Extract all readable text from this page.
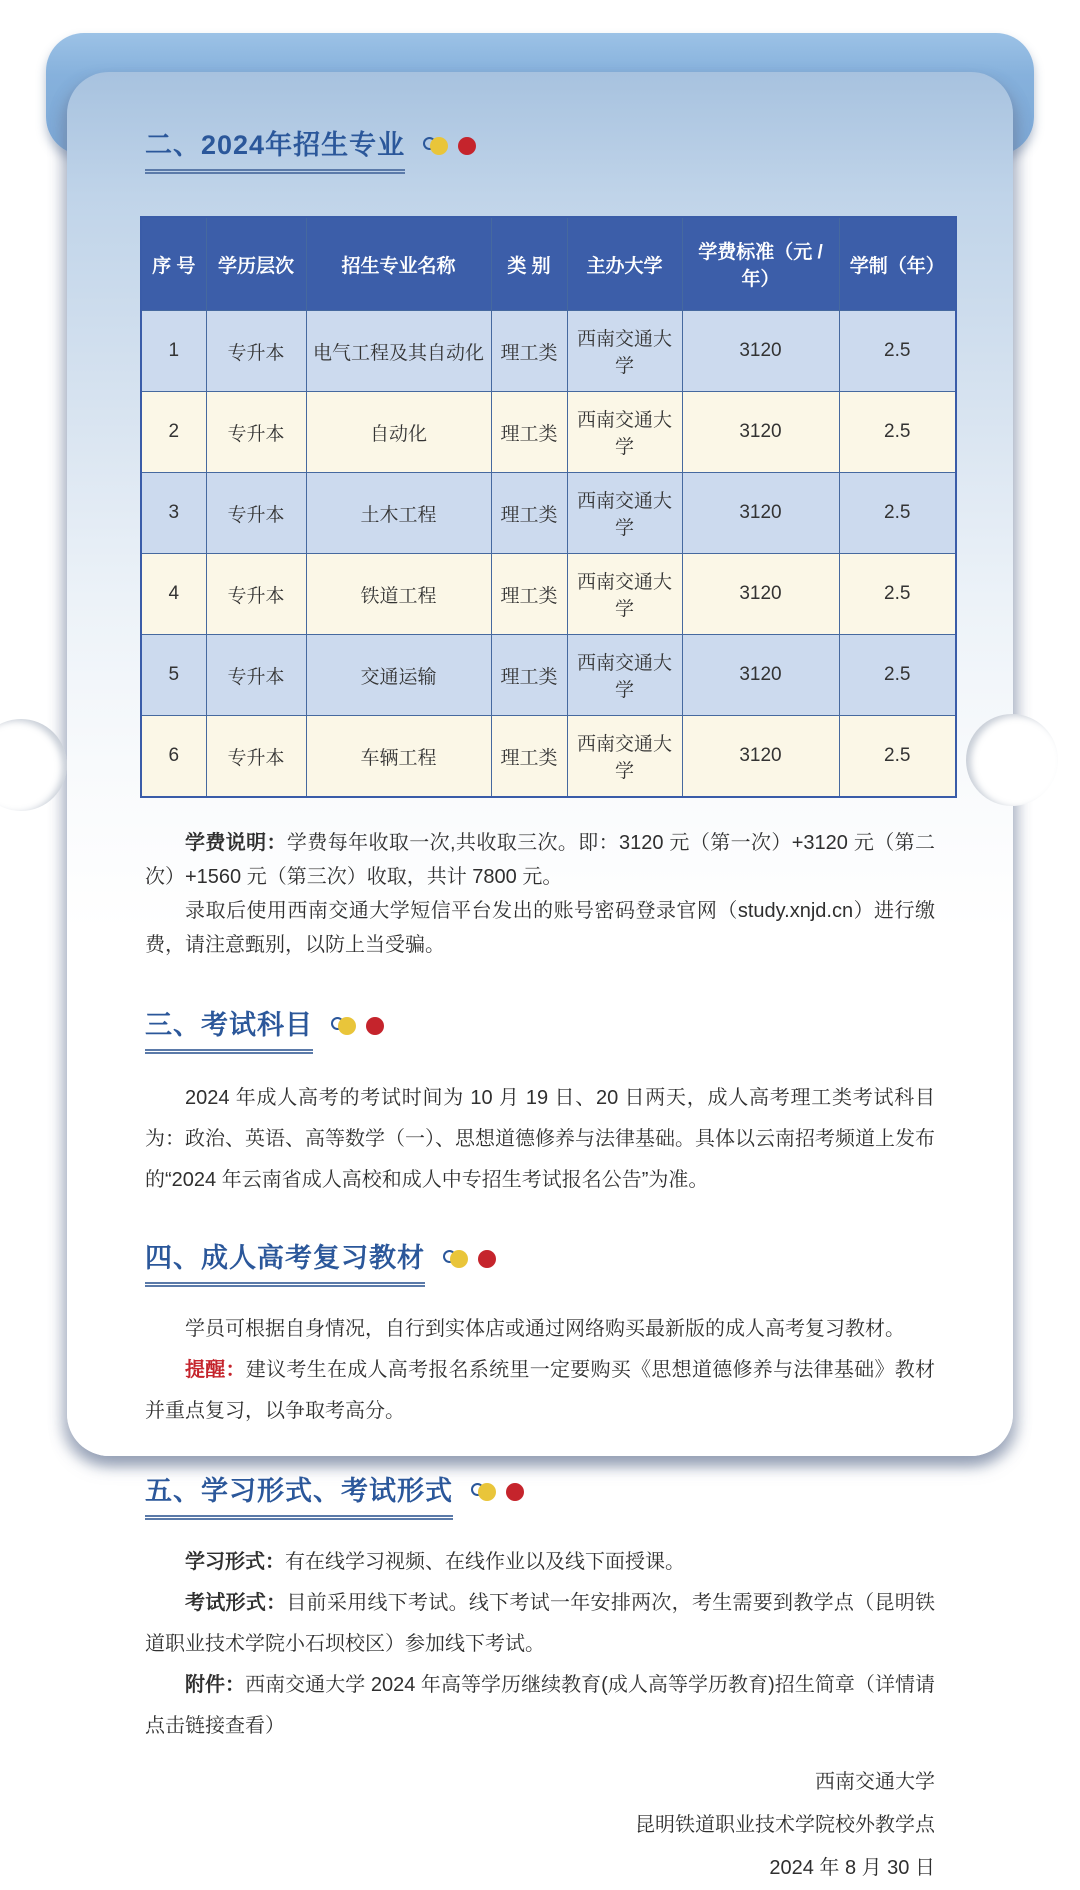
二、2024年招生专业
序 号	学历层次	招生专业名称	类 别	主办大学	学费标准（元 / 年）	学制（年）
1	专升本	电气工程及其自动化	理工类	西南交通大学	3120	2.5
2	专升本	自动化	理工类	西南交通大学	3120	2.5
3	专升本	土木工程	理工类	西南交通大学	3120	2.5
4	专升本	铁道工程	理工类	西南交通大学	3120	2.5
5	专升本	交通运输	理工类	西南交通大学	3120	2.5
6	专升本	车辆工程	理工类	西南交通大学	3120	2.5

学费说明：学费每年收取一次,共收取三次。即：3120 元（第一次）+3120 元（第二次）+1560 元（第三次）收取，共计 7800 元。

录取后使用西南交通大学短信平台发出的账号密码登录官网（study.xnjd.cn）进行缴费，请注意甄别，以防上当受骗。

三、考试科目

2024 年成人高考的考试时间为 10 月 19 日、20 日两天，成人高考理工类考试科目为：政治、英语、高等数学（一）、思想道德修养与法律基础。具体以云南招考频道上发布的“2024 年云南省成人高校和成人中专招生考试报名公告”为准。

四、成人高考复习教材

学员可根据自身情况，自行到实体店或通过网络购买最新版的成人高考复习教材。

提醒：建议考生在成人高考报名系统里一定要购买《思想道德修养与法律基础》教材并重点复习，以争取考高分。

五、学习形式、考试形式

学习形式：有在线学习视频、在线作业以及线下面授课。

考试形式：目前采用线下考试。线下考试一年安排两次，考生需要到教学点（昆明铁道职业技术学院小石坝校区）参加线下考试。

附件：西南交通大学 2024 年高等学历继续教育(成人高等学历教育)招生简章（详情请点击链接查看）

西南交通大学
昆明铁道职业技术学院校外教学点
2024 年 8 月 30 日
